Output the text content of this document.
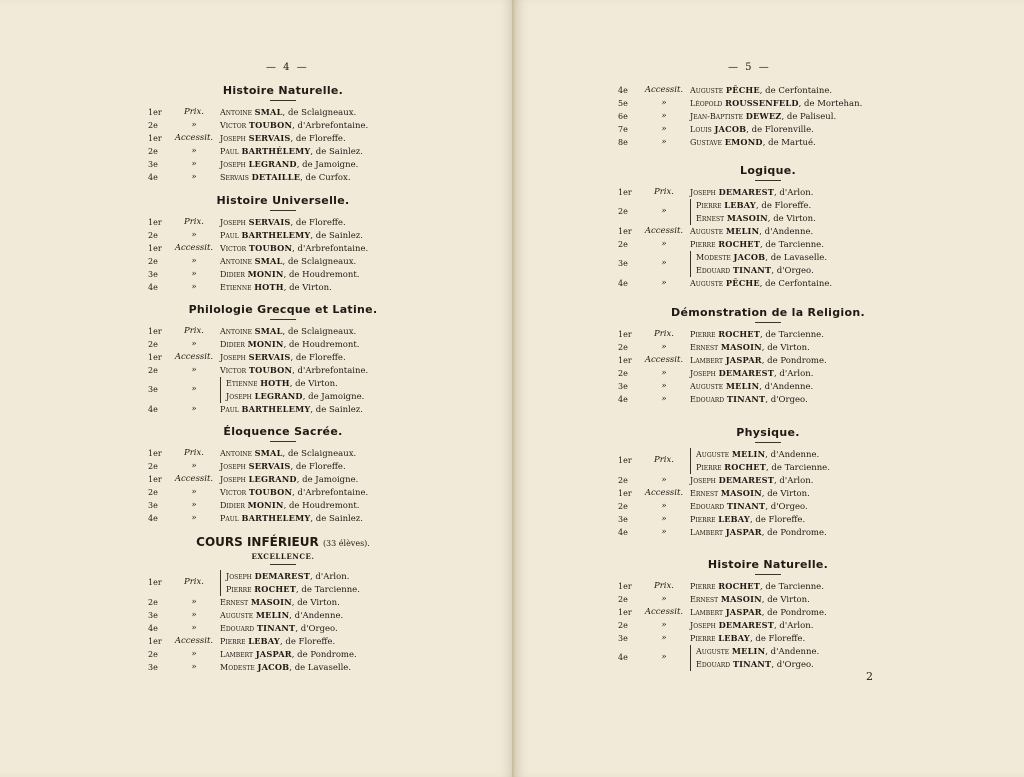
— 4 —
Histoire Naturelle.
1er	Prix.	Antoine SMAL, de Sclaigneaux.
2e	»	Victor TOUBON, d'Arbrefontaine.
1er	Accessit. Joseph SERVAIS, de Floreffe.
2e	»	Paul BARTHÉLEMY, de Sainlez.
3e	»	Joseph LEGRAND, de Jamoigne.
4e	»	Servais DETAILLE, de Curfox.
Histoire Universelle.
1er	Prix.	Joseph SERVAIS, de Floreffe.
2e	»	Paul BARTHELEMY, de Sainlez.
1er	Accessit. Victor TOUBON, d'Arbrefontaine.
2e	»	Antoine SMAL, de Sclaigneaux.
3e	»	Didier MONIN, de Houdremont.
4e	»	Etienne HOTH, de Virton.
Philologie Grecque et Latine.
1er	Prix.	Antoine SMAL, de Sclaigneaux.
2e	»	Didier MONIN, de Houdremont.
1er	Accessit. Joseph SERVAIS, de Floreffe.
2e	»	Victor TOUBON, d'Arbrefontaine.
3e	»
Etienne HOTH, de Virton.
Joseph LEGRAND, de Jamoigne.
4e	»	Paul BARTHELEMY, de Sainlez.
Éloquence Sacrée.
1er	Prix.	Antoine SMAL, de Sclaigneaux.
2e	»	Joseph SERVAIS, de Floreffe.
1er	Accessit. Joseph LEGRAND, de Jamoigne.
2e	»	Victor TOUBON, d'Arbrefontaine.
3e	»	Didier MONIN, de Houdremont.
4e	»	Paul BARTHELEMY, de Sainlez.
COURS INFÉRIEUR (33 élèves).
EXCELLENCE.
1er	Prix.
Joseph DEMAREST, d'Arlon.
Pierre ROCHET, de Tarcienne.
2e	»	Ernest MASOIN, de Virton.
3e	»	Auguste MELIN, d'Andenne.
4e	»	Edouard TINANT, d'Orgeo.
1er	Accessit. Pierre LEBAY, de Floreffe.
2e	»	Lambert JASPAR, de Pondrome.
3e	»	Modeste JACOB, de Lavaselle.
— 5 —
4e	Accessit. Auguste PÊCHE, de Cerfontaine.
5e	»	Léopold ROUSSENFELD, de Mortehan.
6e	»	Jean-Baptiste DEWEZ, de Paliseul.
7e	»	Louis JACOB, de Florenville.
8e	»	Gustave EMOND, de Martué.
Logique.
1er	Prix.	Joseph DEMAREST, d'Arlon.
2e	»
Pierre LEBAY, de Floreffe.
Ernest MASOIN, de Virton.
1er	Accessit. Auguste MELIN, d'Andenne.
2e	»	Pierre ROCHET, de Tarcienne.
3e	»
Modeste JACOB, de Lavaselle.
Edouard TINANT, d'Orgeo.
4e	»	Auguste PÊCHE, de Cerfontaine.
Démonstration de la Religion.
1er	Prix.	Pierre ROCHET, de Tarcienne.
2e	»	Ernest MASOIN, de Virton.
1er	Accessit. Lambert JASPAR, de Pondrome.
2e	»	Joseph DEMAREST, d'Arlon.
3e	»	Auguste MELIN, d'Andenne.
4e	»	Edouard TINANT, d'Orgeo.
Physique.
1er	Prix.
Auguste MELIN, d'Andenne.
Pierre ROCHET, de Tarcienne.
2e	»	Joseph DEMAREST, d'Arlon.
1er	Accessit. Ernest MASOIN, de Virton.
2e	»	Edouard TINANT, d'Orgeo.
3e	»	Pierre LEBAY, de Floreffe.
4e	»	Lambert JASPAR, de Pondrome.
Histoire Naturelle.
1er	Prix.	Pierre ROCHET, de Tarcienne.
2e	»	Ernest MASOIN, de Virton.
1er	Accessit. Lambert JASPAR, de Pondrome.
2e	»	Joseph DEMAREST, d'Arlon.
3e	»	Pierre LEBAY, de Floreffe.
4e	»
Auguste MELIN, d'Andenne.
Edouard TINANT, d'Orgeo.
2
